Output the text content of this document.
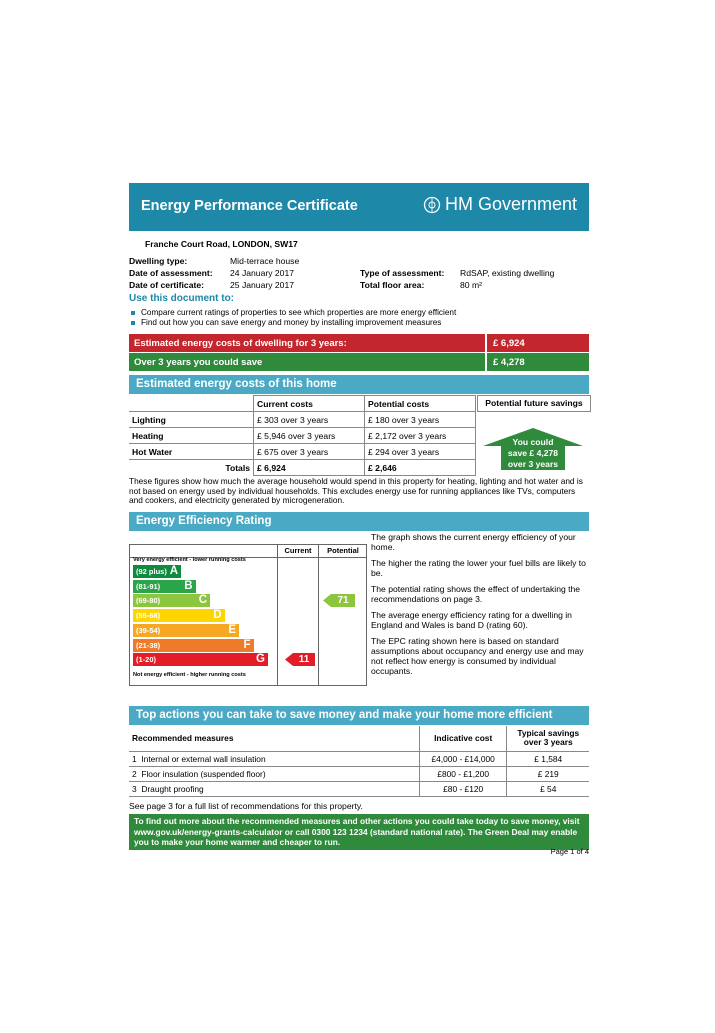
Energy Performance Certificate	HM Government
Franche Court Road, LONDON, SW17
Dwelling type:	Mid-terrace house
Date of assessment: 24 January 2017
Date of certificate:	25 January 2017
Type of assessment: RdSAP, existing dwelling
Total floor area:	80 m²
Use this document to:
Compare current ratings of properties to see which properties are more energy efficient
Find out how you can save energy and money by installing improvement measures
Estimated energy costs of dwelling for 3 years:	£ 6,924
Over 3 years you could save	£ 4,278
Estimated energy costs of this home
	Current costs	Potential costs
Lighting	£ 303 over 3 years	£ 180 over 3 years
Heating	£ 5,946 over 3 years	£ 2,172 over 3 years
Hot Water	£ 675 over 3 years	£ 294 over 3 years
Totals	£ 6,924	£ 2,646
Potential future savings
You could
save £ 4,278
over 3 years
These figures show how much the average household would spend in this property for heating, lighting and hot water and is not based on energy used by individual households. This excludes energy use for running appliances like TVs, computers and cookers, and electricity generated by microgeneration.
Energy Efficiency Rating
Current	Potential
Very energy efficient - lower running costs
(92 plus) A
(81-91) B
(69-80)	C
(55-68)	D
(39-54)	E
(21-38)	F
(1-20)	G
Not energy efficient - higher running costs
11
71
The graph shows the current energy efficiency of your home.
The higher the rating the lower your fuel bills are likely to be.
The potential rating shows the effect of undertaking the recommendations on page 3.
The average energy efficiency rating for a dwelling in England and Wales is band D (rating 60).
The EPC rating shown here is based on standard assumptions about occupancy and energy use and may not reflect how energy is consumed by individual occupants.
Top actions you can take to save money and make your home more efficient
Recommended measures	Indicative cost	Typical savings over 3 years
1 Internal or external wall insulation	£4,000 - £14,000	£ 1,584
2 Floor insulation (suspended floor)	£800 - £1,200	£ 219
3 Draught proofing	£80 - £120	£ 54
See page 3 for a full list of recommendations for this property.
To find out more about the recommended measures and other actions you could take today to save money, visit www.gov.uk/energy-grants-calculator or call 0300 123 1234 (standard national rate). The Green Deal may enable you to make your home warmer and cheaper to run.
Page 1 of 4
